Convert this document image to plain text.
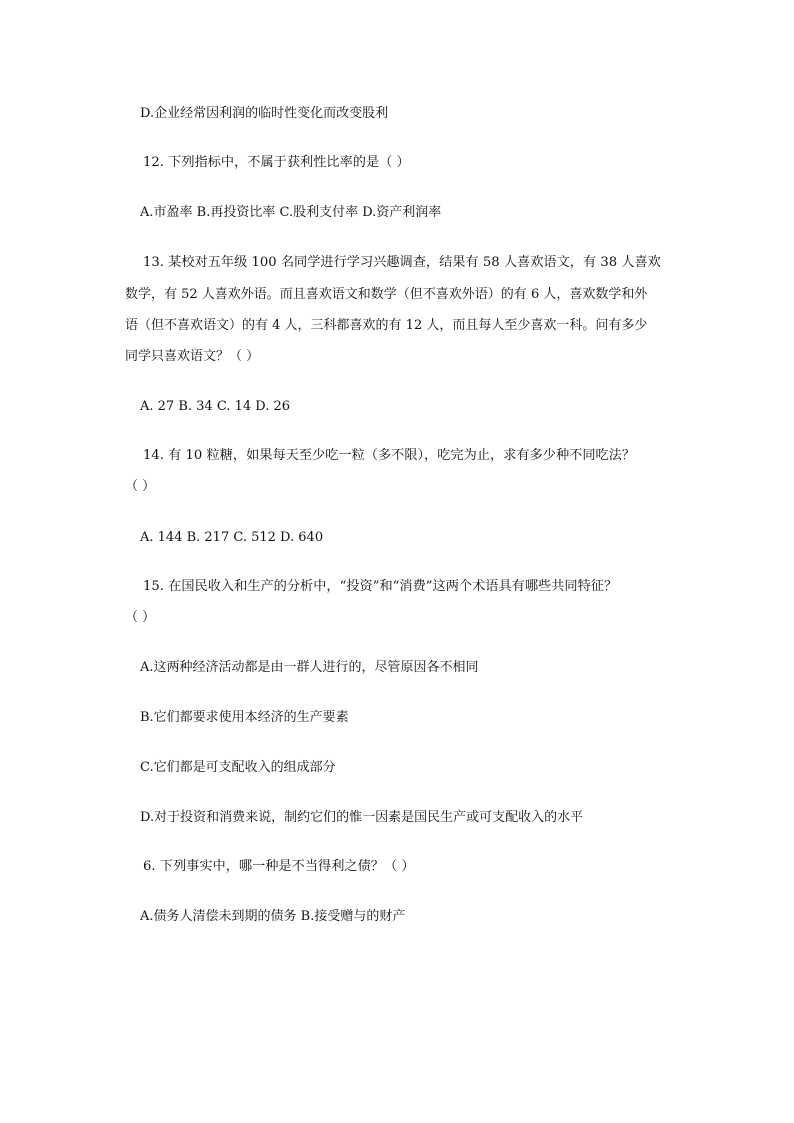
D.企业经常因利润的临时性变化而改变股利

12. 下列指标中，不属于获利性比率的是（ ）

A.市盈率 B.再投资比率 C.股利支付率 D.资产利润率

13. 某校对五年级 100 名同学进行学习兴趣调查，结果有 58 人喜欢语文，有 38 人喜欢

数学，有 52 人喜欢外语。而且喜欢语文和数学（但不喜欢外语）的有 6 人，喜欢数学和外

语（但不喜欢语文）的有 4 人，三科都喜欢的有 12 人，而且每人至少喜欢一科。问有多少

同学只喜欢语文？（ ）

A. 27 B. 34 C. 14 D. 26

14. 有 10 粒糖，如果每天至少吃一粒（多不限），吃完为止，求有多少种不同吃法？

（ ）

A. 144 B. 217 C. 512 D. 640

15. 在国民收入和生产的分析中，“投资”和“消费”这两个术语具有哪些共同特征？

（ ）

A.这两种经济活动都是由一群人进行的，尽管原因各不相同

B.它们都要求使用本经济的生产要素

C.它们都是可支配收入的组成部分

D.对于投资和消费来说，制约它们的惟一因素是国民生产或可支配收入的水平

6. 下列事实中，哪一种是不当得利之债？（ ）

A.债务人清偿未到期的债务 B.接受赠与的财产
